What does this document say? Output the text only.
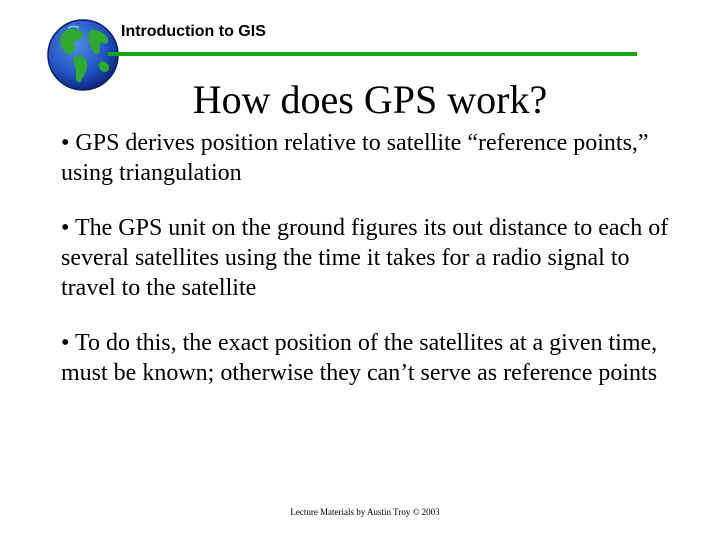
Introduction to GIS
How does GPS work?
• GPS derives position relative to satellite “reference points,” using triangulation
• The GPS unit on the ground figures its out distance to each of several satellites using the time it takes for a radio signal to travel to the satellite
• To do this, the exact position of the satellites at a given time, must be known; otherwise they can’t serve as reference points
Lecture Materials by Austin Troy © 2003
